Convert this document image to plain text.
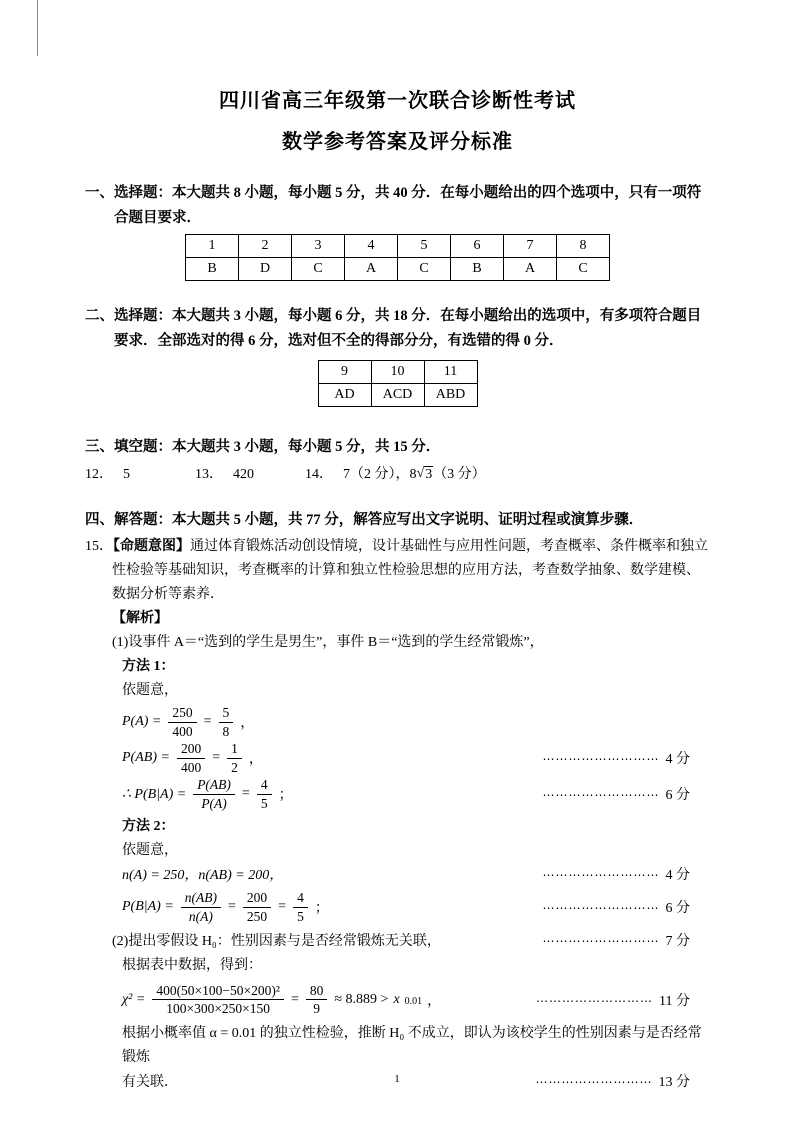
四川省高三年级第一次联合诊断性考试
数学参考答案及评分标准

一、选择题：本大题共 8 小题，每小题 5 分，共 40 分．在每小题给出的四个选项中，只有一项符合题目要求．

1	2	3	4	5	6	7	8
B	D	C	A	C	B	A	C

二、选择题：本大题共 3 小题，每小题 6 分，共 18 分．在每小题给出的选项中，有多项符合题目要求．全部选对的得 6 分，选对但不全的得部分分，有选错的得 0 分．

9	10	11
AD	ACD	ABD

三、填空题：本大题共 3 小题，每小题 5 分，共 15 分．

12． 5	13． 420	14． 7（2 分），8 √ 3 （3 分）

四、解答题：本大题共 5 小题，共 77 分，解答应写出文字说明、证明过程或演算步骤．

15．【命题意图】通过体育锻炼活动创设情境，设计基础性与应用性问题，考查概率、条件概率和独立性检验等基础知识，考查概率的计算和独立性检验思想的应用方法，考查数学抽象、数学建模、数据分析等素养．

【解析】

(1)设事件 A＝“选到的学生是男生”，事件 B＝“选到的学生经常锻炼”，

方法 1：

依题意，

$P(A) = \frac{250}{400} = \frac{5}{8}$ ，
$P(AB) = \frac{200}{400} = \frac{1}{2}$ ，	⋯⋯⋯⋯⋯⋯⋯⋯⋯ 4 分
∴ $P(B|A) = \frac{P(AB)}{P(A)} = \frac{4}{5}$ ；	⋯⋯⋯⋯⋯⋯⋯⋯⋯ 6 分

方法 2：

依题意，

n(A) = 250，n(AB) = 200，	⋯⋯⋯⋯⋯⋯⋯⋯⋯ 4 分
$P(B|A) = \frac{n(AB)}{n(A)} = \frac{200}{250} = \frac{4}{5}$ ；	⋯⋯⋯⋯⋯⋯⋯⋯⋯ 6 分
(2)提出零假设 H₀：性别因素与是否经常锻炼无关联，	⋯⋯⋯⋯⋯⋯⋯⋯⋯ 7 分

根据表中数据，得到：

$\chi^2 = \frac{\text{400(50×100−50×200)²}}{100\times 300\times 250\times 150} = \frac{80}{9} \approx 8.889 > x$ 0.01 ，	⋯⋯⋯⋯⋯⋯⋯⋯⋯ 11 分

根据小概率值 α = 0.01 的独立性检验，推断 H₀ 不成立，即认为该校学生的性别因素与是否经常锻炼

有关联．	⋯⋯⋯⋯⋯⋯⋯⋯⋯ 13 分
1
